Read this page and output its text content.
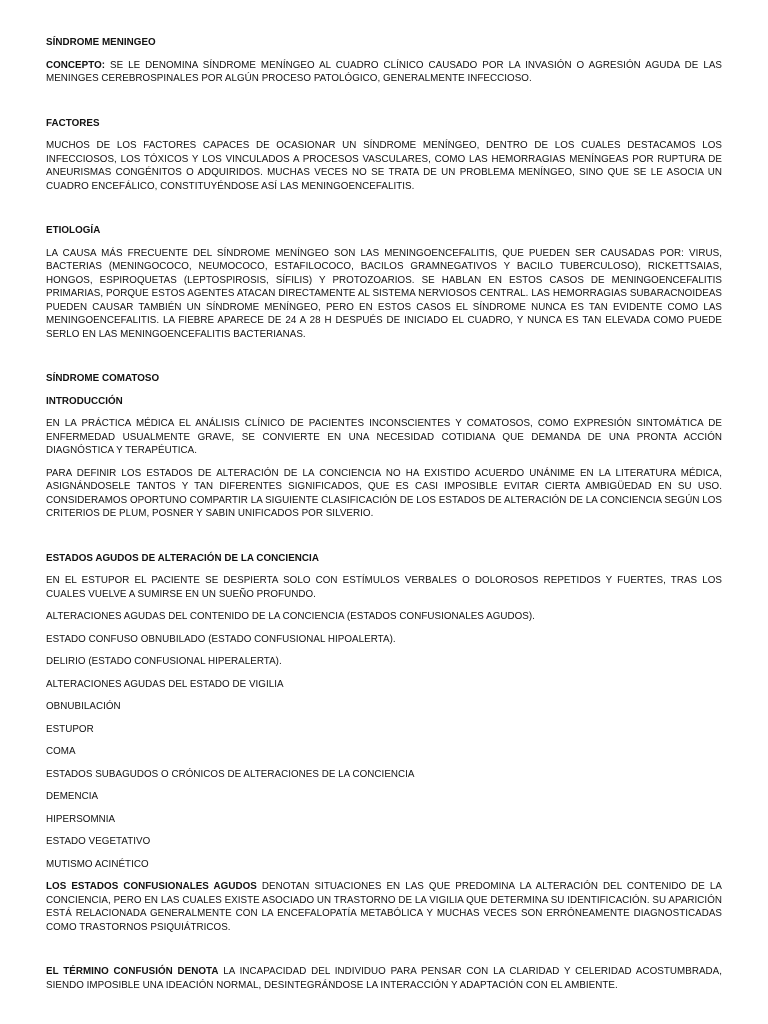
SÍNDROME MENINGEO

CONCEPTO: SE LE DENOMINA SÍNDROME MENÍNGEO AL CUADRO CLÍNICO CAUSADO POR LA INVASIÓN O AGRESIÓN AGUDA DE LAS MENINGES CEREBROSPINALES POR ALGÚN PROCESO PATOLÓGICO, GENERALMENTE INFECCIOSO.

FACTORES

MUCHOS DE LOS FACTORES CAPACES DE OCASIONAR UN SÍNDROME MENÍNGEO, DENTRO DE LOS CUALES DESTACAMOS LOS INFECCIOSOS, LOS TÓXICOS Y LOS VINCULADOS A PROCESOS VASCULARES, COMO LAS HEMORRAGIAS MENÍNGEAS POR RUPTURA DE ANEURISMAS CONGÉNITOS O ADQUIRIDOS. MUCHAS VECES NO SE TRATA DE UN PROBLEMA MENÍNGEO, SINO QUE SE LE ASOCIA UN CUADRO ENCEFÁLICO, CONSTITUYÉNDOSE ASÍ LAS MENINGOENCEFALITIS.

ETIOLOGÍA

LA CAUSA MÁS FRECUENTE DEL SÍNDROME MENÍNGEO SON LAS MENINGOENCEFALITIS, QUE PUEDEN SER CAUSADAS POR: VIRUS, BACTERIAS (MENINGOCOCO, NEUMOCOCO, ESTAFILOCOCO, BACILOS GRAMNEGATIVOS Y BACILO TUBERCULOSO), RICKETTSAIAS, HONGOS, ESPIROQUETAS (LEPTOSPIROSIS, SÍFILIS) Y PROTOZOARIOS. SE HABLAN EN ESTOS CASOS DE MENINGOENCEFALITIS PRIMARIAS, PORQUE ESTOS AGENTES ATACAN DIRECTAMENTE AL SISTEMA NERVIOSOS CENTRAL. LAS HEMORRAGIAS SUBARACNOIDEAS PUEDEN CAUSAR TAMBIÉN UN SÍNDROME MENÍNGEO, PERO EN ESTOS CASOS EL SÍNDROME NUNCA ES TAN EVIDENTE COMO LAS MENINGOENCEFALITIS. LA FIEBRE APARECE DE 24 A 28 H DESPUÉS DE INICIADO EL CUADRO, Y NUNCA ES TAN ELEVADA COMO PUEDE SERLO EN LAS MENINGOENCEFALITIS BACTERIANAS.

SÍNDROME COMATOSO

INTRODUCCIÓN

EN LA PRÁCTICA MÉDICA EL ANÁLISIS CLÍNICO DE PACIENTES INCONSCIENTES Y COMATOSOS, COMO EXPRESIÓN SINTOMÁTICA DE ENFERMEDAD USUALMENTE GRAVE, SE CONVIERTE EN UNA NECESIDAD COTIDIANA QUE DEMANDA DE UNA PRONTA ACCIÓN DIAGNÓSTICA Y TERAPÉUTICA.

PARA DEFINIR LOS ESTADOS DE ALTERACIÓN DE LA CONCIENCIA NO HA EXISTIDO ACUERDO UNÁNIME EN LA LITERATURA MÉDICA, ASIGNÁNDOSELE TANTOS Y TAN DIFERENTES SIGNIFICADOS, QUE ES CASI IMPOSIBLE EVITAR CIERTA AMBIGÜEDAD EN SU USO. CONSIDERAMOS OPORTUNO COMPARTIR LA SIGUIENTE CLASIFICACIÓN DE LOS ESTADOS DE ALTERACIÓN DE LA CONCIENCIA SEGÚN LOS CRITERIOS DE PLUM, POSNER Y SABIN UNIFICADOS POR SILVERIO.

ESTADOS AGUDOS DE ALTERACIÓN DE LA CONCIENCIA

EN EL ESTUPOR EL PACIENTE SE DESPIERTA SOLO CON ESTÍMULOS VERBALES O DOLOROSOS REPETIDOS Y FUERTES, TRAS LOS CUALES VUELVE A SUMIRSE EN UN SUEÑO PROFUNDO.

ALTERACIONES AGUDAS DEL CONTENIDO DE LA CONCIENCIA (ESTADOS CONFUSIONALES AGUDOS).

ESTADO CONFUSO OBNUBILADO (ESTADO CONFUSIONAL HIPOALERTA).

DELIRIO (ESTADO CONFUSIONAL HIPERALERTA).

ALTERACIONES AGUDAS DEL ESTADO DE VIGILIA

OBNUBILACIÓN

ESTUPOR

COMA

ESTADOS SUBAGUDOS O CRÓNICOS DE ALTERACIONES DE LA CONCIENCIA

DEMENCIA

HIPERSOMNIA

ESTADO VEGETATIVO

MUTISMO ACINÉTICO

LOS ESTADOS CONFUSIONALES AGUDOS DENOTAN SITUACIONES EN LAS QUE PREDOMINA LA ALTERACIÓN DEL CONTENIDO DE LA CONCIENCIA, PERO EN LAS CUALES EXISTE ASOCIADO UN TRASTORNO DE LA VIGILIA QUE DETERMINA SU IDENTIFICACIÓN. SU APARICIÓN ESTÁ RELACIONADA GENERALMENTE CON LA ENCEFALOPATÍA METABÓLICA Y MUCHAS VECES SON ERRÓNEAMENTE DIAGNOSTICADAS COMO TRASTORNOS PSIQUIÁTRICOS.

EL TÉRMINO CONFUSIÓN DENOTA LA INCAPACIDAD DEL INDIVIDUO PARA PENSAR CON LA CLARIDAD Y CELERIDAD ACOSTUMBRADA, SIENDO IMPOSIBLE UNA IDEACIÓN NORMAL, DESINTEGRÁNDOSE LA INTERACCIÓN Y ADAPTACIÓN CON EL AMBIENTE.
